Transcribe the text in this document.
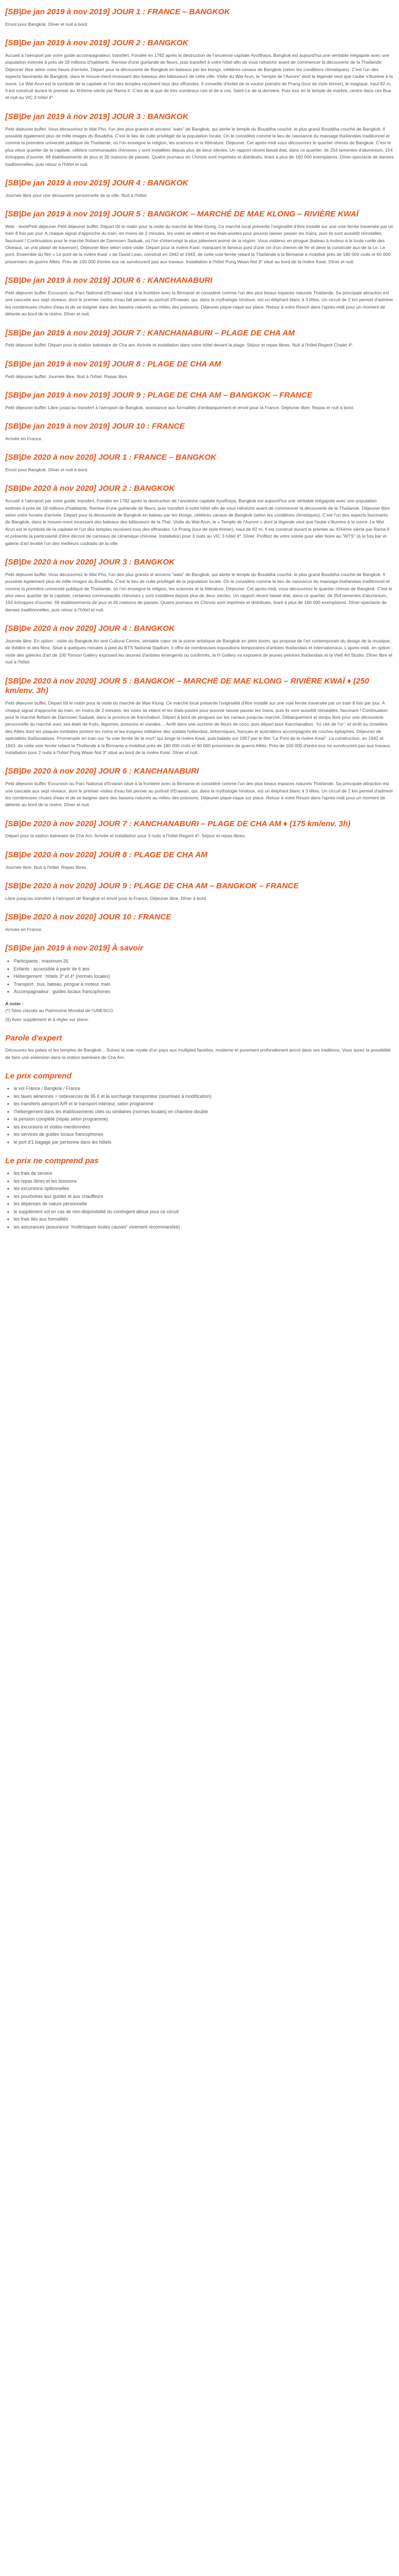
[SB|De jan 2019 à nov 2019] JOUR 1 : FRANCE – BANGKOK

Envol pour Bangkok. Dîner et nuit à bord.

[SB|De jan 2019 à nov 2019] JOUR 2 : BANGKOK

Accueil à l'aéroport par votre guide accompagnateur, transfert. Fondée en 1782 après la destruction de l'ancienne capitale Ayutthaya, Bangkok est aujourd'hui une ventable mégapole avec une population estimée à près de 18 millions d'habitants. Remise d'une guirlande de fleurs, puis transfert à votre hôtel afin de vous rafraîchir avant de commencer la découverte de la Thaïlande. Déjeuner libre selon votre heure d'arrivée. Départ pour la découverte de Bangkok en bateaux par les klongs, célèbres canaux de Bangkok (selon les conditions climatiques). C'est l'un des aspects fascinants de Bangkok, dans le mouve-ment incessant des bateaux des bâtisseurs de cette ville. Visite du Wat Arun, le “temple de l'Aurore” dont la légende veut que l'aube s'illumine à la ouvre. Le Wat Arun est le symbole de la capitale et l'un des temples reçoivent tous des offrandes. Il conseille d'éviter de la vouloir prendre de Prang (tour de style khmer), le magique, haut 82 m, Il est construit durant le premier au XIXème siècle par Rama II. C'est de là que de très nombreux rois et de à ces. Saint-Le de la dernière. Puis tour en le temple de marbre, centre dans ces Bua et nuit au VIC 3 hôtel 4*.

[SB|De jan 2019 à nov 2019] JOUR 3 : BANGKOK

Petit déjeuner buffet. Vous découvrirez le Wat Pho, l'un des plus grands et anciens “wats” de Bangkok, qui abrite le temple du Bouddha couché, le plus grand Bouddha couché de Bangkok. Il possède également plus de mille images du Bouddha. C'est le lieu de culte privilégié de la population locale. On le considère comme le lieu de naissance du massage thaïlandais traditionnel et comme la première université publique de Thaïlande, où l'on enseigne la religion, les sciences et la littérature. Déjeuner. Cet après-midi vous découvrirez le quartier chinois de Bangkok. C'est le plus vieux quartier de la capitale, célèbre communautés chinoises y sont installées depuis plus de deux siècles. Un rapport récent faisait état, dans ce quartier, de 254 lamentes d'aluminium, 154 échoppes d'ouvrier, 69 établissements de jeux et 26 maisons de passes. Quatre journaux en Chinois sont imprimés et distribués, tirant à plus de 160 000 exemplaires. Dîner-spectacle de danses traditionnelles, puis retour à l'hôtel et nuit.

[SB|De jan 2019 à nov 2019] JOUR 4 : BANGKOK

Journée libre pour une découverte personnelle de la ville. Nuit à l'hôtel.

[SB|De jan 2019 à nov 2019] JOUR 5 : BANGKOK – MARCHÉ DE MAE KLONG – RIVIÈRE KWAÏ

Web - textePetit déjeuner Petit déjeuner buffet. Départ tôt le matin pour la visite du marché de Mae Klong. Ce marché local présente l'originalité d'être installé sur une voie ferrée traversée par un train 8 fois par jour. A chaque signal d'approche du train, en moins de 2 minutes, les voies se vident et les étals-postes pour pouvoir laisser passer les trains, puis ils sont aussitôt réinstallés, fascinant ! Continuation pour le marché flottant de Damnoen Saduak, où l'on s'interrompt la plus joliement animé de la région. Vous visiterez en pirogue (bateau à moteur à la toute ruelle des Oiseaux, un vrai plaisir de traverser). Déjeuner libre selon votre visite. Départ pour la rivière Kwaï, marquant le fameux pont d'une cin d'un chemin de fer et deve la construite aux-de la Le. Le pont. Ensemble du film « Le pont de la rivière Kwaï » de David Lean, construit en 1942 et 1943, de cette voie ferrée reliant la Thaïlande à la Birmanie a mobilisé près de 180 000 civils et 60 000 prisonniers de guerre Alliés. Près de 100 000 d'entre eux ne survécurent pas aux travaux. Installation à l'hôtel Pung Waan Nol 3* situé au bord de la rivière Kwaï. Dîner et nuit.

[SB|De jan 2019 à nov 2019] JOUR 6 : KANCHANABURI

Petit déjeuner buffet. Excursion au Parc National d'Erawan situé à la frontière avec la Birmanie et considéré comme l'un des plus beaux espaces naturels Thaïlande. Sa principale attraction est une cascade aux sept niveaux, dont le premier visites d'eau fait penser au portrait d'Erawan, qui, dans la mythologie hindoue, est un éléphant blanc à 3 têtes. Un circuit de 2 km permet d'admirer les nombreuses chutes d'eau et de se baigner dans des bassins naturels au milieu des poissons. Déjeuner pique-nique sur place. Retour à votre Resort dans l'après-midi pour un moment de détente au bord de la rivière. Dîner et nuit.

[SB|De jan 2019 à nov 2019] JOUR 7 : KANCHANABURI – PLAGE DE CHA AM

Petit déjeuner buffet. Départ pour la station balnéaire de Cha am. Arrivée et installation dans votre hôtel devant la plage. Séjour et repas libres. Nuit à l'hôtel Regent Chalet 4*.

[SB|De jan 2019 à nov 2019] JOUR 8 : PLAGE DE CHA AM

Petit déjeuner buffet. Journée libre. Nuit à l'hôtel. Repas libre.

[SB|De jan 2019 à nov 2019] JOUR 9 : PLAGE DE CHA AM – BANGKOK – FRANCE

Petit déjeuner buffet. Libre jusqu'au transfert à l'aéroport de Bangkok, assistance aux formalités d'embarquement et envol pour la France. Déjeuner libre. Repas et nuit à bord.

[SB|De jan 2019 à nov 2019] JOUR 10 : FRANCE

Arrivée en France.

[SB|De 2020 à nov 2020] JOUR 1 : FRANCE – BANGKOK

Envol pour Bangkok. Dîner et nuit à bord.

[SB|De 2020 à nov 2020] JOUR 2 : BANGKOK

Accueil à l'aéroport par votre guide, transfert. Fondée en 1782 après la destruction de l'ancienne capitale Ayutthaya, Bangkok est aujourd'hui une véritable mégapole avec une population estimée à près de 18 millions d'habitants. Remise d'une guirlande de fleurs, puis transfert à votre hôtel afin de vous rafraîchir avant de commencer la découverte de la Thaïlande. Déjeuner libre selon votre horaire d'arrivée. Départ pour la découverte de Bangkok en bateau par les klongs, célèbres canaux de Bangkok (selon les conditions climatiques). C'est l'un des aspects fascinants de Bangkok, dans le mouve-ment incessant des bateaux des bâtisseurs de la Thaï. Visite du Wat Arun, le « Temple de l'Aurore » dont la légende veut que l'aube s'illumine à la ouvre. Le Wat Arun est le symbole de la capitale et l'un des temples reçoivent tous des offrandes. Le Prang (tour de style khmer), haut de 82 m, Il est construit durant le premier au XIXème siècle par Rama II et présente la particularité d'être décoré de carreaux de céramique chinoise. Installation pour 3 nuits au VIC 3 hôtel 4*. Dîner. Profitez de votre soirée pour aller boire au “WTS” (à la fois bar et galerie d'art érotée l'un des meilleurs cocktails de la ville.

[SB|De 2020 à nov 2020] JOUR 3 : BANGKOK

Petit déjeuner buffet. Vous découvrirez le Wat Pho, l'un des plus grands et anciens “wats” de Bangkok, qui abrite le temple du Bouddha couché, le plus grand Bouddha couché de Bangkok. Il possède également plus de mille images du Bouddha. C'est le lieu de culte privilégié de la population locale. On le considère comme le lieu de naissance du massage thaïlandais traditionnel et comme la première université publique de Thaïlande, où l'on enseigne la religion, les sciences et la littérature. Déjeuner. Cet après-midi, vous découvrirez le quartier chinois de Bangkok. C'est le plus vieux quartier de la capitale, certaines communautés chinoises y sont installées depuis plus de deux siècles. Un rapport récent faisait état, dans ce quartier, de 254 lamentes d'aluminium, 154 échoppes d'ouvrier, 69 établissements de jeux et 26 maisons de passes. Quatre journaux en Chinois sont imprimés et distribués, tirant à plus de 160 000 exemplaires. Dîner-spectacle de danses traditionnelles, puis retour à l'hôtel et nuit.

[SB|De 2020 à nov 2020] JOUR 4 : BANGKOK

Journée libre. En option : visite du Bangkok Art and Cultural Centre, véritable cœur de la scène artistique de Bangkok en plein boom, qui propose de l'art contemporain du design de la musique, de théâtre et des films. Situé à quelques minutes à pied du BTS National Stadium, il offre de nombreuses expositions temporaires d'artistes thaïlandais et internationaux. L'après-midi, en option : visite des galeries d'art de 100 Tonson Gallery exposant les œuvres d'artistes émergents ou confirmés, la H Gallery va exposent de jeunes peintres thaïlandais et la Vie6 Art Studio. Dîner libre et nuit à l'hôtel.

[SB|De 2020 à nov 2020] JOUR 5 : BANGKOK – MARCHÉ DE MAE KLONG – RIVIÈRE KWAÏ ♦ (250 km/env. 3h)

Petit déjeuner buffet. Départ tôt le matin pour la visite du marché de Mae Klong. Ce marché local présente l'originalité d'être installé sur une voie ferrée traversée par un train 8 fois par jour. A chaque signal d'approche du train, en moins de 2 minutes, les voies se vident et les étals-postes pour pouvoir laisser passer les trains, puis ils sont aussitôt réinstallés, fascinant ! Continuation pour le marché flottant de Damnoen Saduak, dans la province de Kanchaburi. Départ à bord de pirogues sur les canaux jusqu'au marché. Débarquement et temps libre pour une découverte personnelle du marché avec ses étals de fruits, légumes, poissons et viandes… Arrêt dans une sucrerie de fleurs de coco, puis départ pour Kanchanaburi. “Ici cité de l'or”, et arrêt au cimetière des Alliés dont les plaques tombales portent les noms et les insignes militaires des soldats hollandais, britanniques, français et australiens accompagnés de courtes épitaphes. Déjeuner de spécialités thaïlandaises. Promenade en train sur “la voie ferrée de la mort” qui longe la rivière Kwaï, puis balade sur 1957 par le film “Le Pont de la rivière Kwaï”. La construction, en 1942 et 1943, de cette voie ferrée reliant la Thaïlande à la Birmanie a mobilisé près de 180 000 civils et 60 000 prisonniers de guerre Alliés. Près de 100 000 d'entre eux ne survécurent pas aux travaux. Installation pour 2 nuits à l'hôtel Pung Waan Nol 3* situé au bord de la rivière Kwaï. Dîner et nuit.

[SB|De 2020 à nov 2020] JOUR 6 : KANCHANABURI

Petit déjeuner buffet. Excursion au Parc National d'Erawan situé à la frontière avec la Birmanie et considéré comme l'un des plus beaux espaces naturels Thaïlande. Sa principale attraction est une cascade aux sept niveaux, dont le premier visites d'eau fait penser au portrait d'Erawan, qui, dans la mythologie hindoue, est un éléphant blanc à 3 têtes. Un circuit de 2 km permet d'admirer les nombreuses chutes d'eau et de se baigner dans des bassins naturels au milieu des poissons. Déjeuner pique-nique sur place. Retour à votre Resort dans l'après-midi pour un moment de détente au bord de la rivière. Dîner et nuit.

[SB|De 2020 à nov 2020] JOUR 7 : KANCHANABURI – PLAGE DE CHA AM ♦ (175 km/env. 3h)

Départ pour la station balnéaire de Cha Am. Arrivée et installation pour 3 nuits à l'hôtel Regent 4*. Séjour et repas libres.

[SB|De 2020 à nov 2020] JOUR 8 : PLAGE DE CHA AM

Journée libre. Nuit à l'hôtel. Repas libres.

[SB|De 2020 à nov 2020] JOUR 9 : PLAGE DE CHA AM – BANGKOK – FRANCE

Libre jusqu'au transfert à l'aéroport de Bangkok et envol pour la France. Déjeuner libre. Dîner à bord.

[SB|De 2020 à nov 2020] JOUR 10 : FRANCE

Arrivée en France.

[SB|De jan 2019 à nov 2019] À savoir
• Participants : maximum 26
• Enfants : accessible à partir de 6 ans
• Hébergement : hôtels 3* et 4* (normes locales)
• Transport : bus, bateau, pirogue à moteur, train
• Accompagnateur : guides locaux francophones

A noter :

(*) Sites classés au Patrimoine Mondial de l'UNESCO.

(§) Avec supplément et à régler sur place.

Parole d'expert

Découvrez les palais et les temples de Bangkok... Suivez la voie royale d'un pays aux multiples facettes, moderne et purement profondément ancré dans ses traditions. Vous aurez la possibilité de faire une extension dans la station balnéaire de Cha Am.

Le prix comprend
• le vol France / Bangkok / France
• les taxes aériennes + redevances de 95 € et la surcharge transporteur (soumises à modification)
• les transferts aéroport A/R et le transport intérieur, selon programme
• l'hébergement dans les établissements cités ou similaires (normes locales) en chambre double
• la pension complète (repas selon programme)
• les excursions et visites mentionnées
• les services de guides locaux francophones
• le port d'1 bagage par personne dans les hôtels
Le prix ne comprend pas
• les frais de service
• les repas libres et les boissons
• les excursions optionnelles
• les pourboires aux guides et aux chauffeurs
• les dépenses de nature personnelle
• le supplément vol en cas de non-disponibilité du contingent alloué pour ce circuit
• les frais liés aux formalités
• les assurances (assurance “multirisques toutes causes” vivement recommandée)
